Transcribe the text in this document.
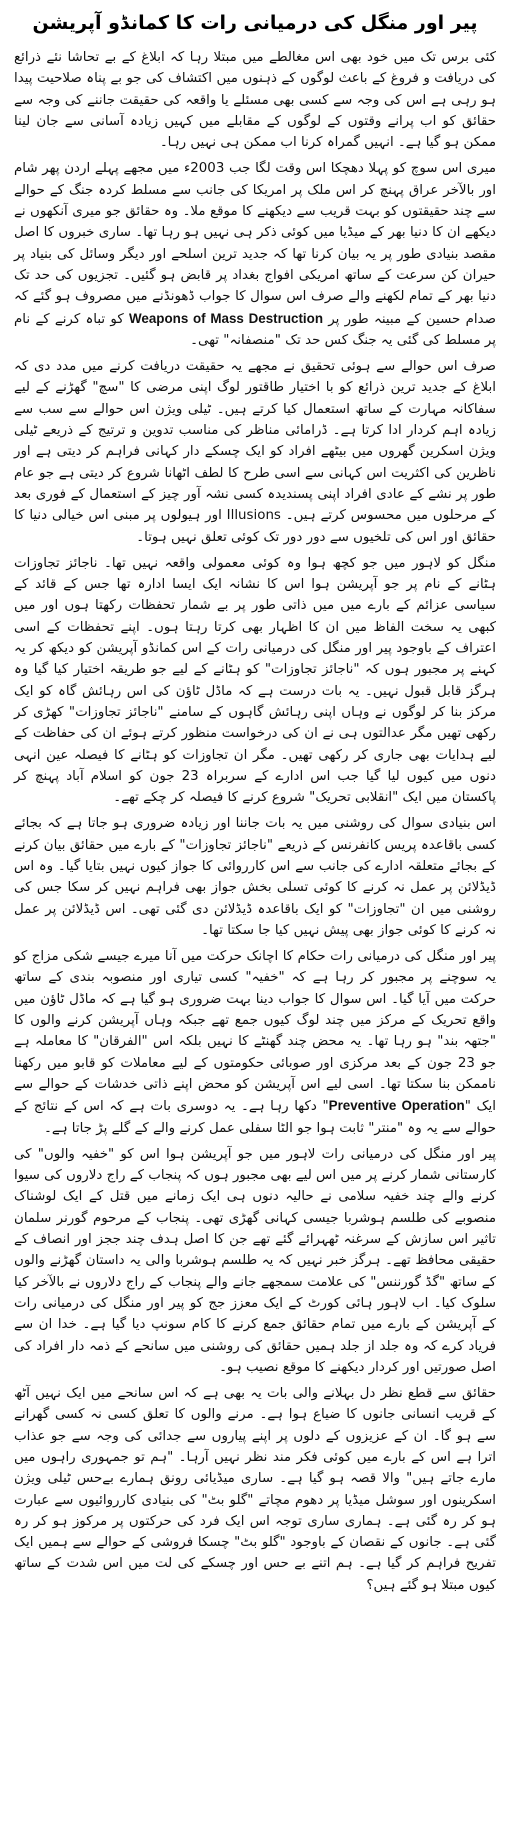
پیر اور منگل کی درمیانی رات کا کمانڈو آپریشن

کئی برس تک میں خود بھی اس مغالطے میں مبتلا رہا کہ ابلاغ کے بے تحاشا نئے ذرائع کی دریافت و فروغ کے باعث لوگوں کے ذہنوں میں اکتشاف کی جو بے پناہ صلاحیت پیدا ہو رہی ہے اس کی وجہ سے کسی بھی مسئلے یا واقعہ کی حقیقت جاننے کی وجہ سے حقائق کو اب پرانے وقتوں کے لوگوں کے مقابلے میں کہیں زیادہ آسانی سے جان لینا ممکن ہو گیا ہے۔ انہیں گمراہ کرنا اب ممکن ہی نہیں رہا۔

میری اس سوچ کو پہلا دھچکا اس وقت لگا جب 2003ء میں مجھے پہلے اردن پھر شام اور بالآخر عراق پہنچ کر اس ملک پر امریکا کی جانب سے مسلط کردہ جنگ کے حوالے سے چند حقیقتوں کو بہت قریب سے دیکھنے کا موقع ملا۔ وہ حقائق جو میری آنکھوں نے دیکھے ان کا دنیا بھر کے میڈیا میں کوئی ذکر ہی نہیں ہو رہا تھا۔ ساری خبروں کا اصل مقصد بنیادی طور پر یہ بیان کرنا تھا کہ جدید ترین اسلحے اور دیگر وسائل کی بنیاد پر حیران کن سرعت کے ساتھ امریکی افواج بغداد پر قابض ہو گئیں۔ تجزیوں کی حد تک دنیا بھر کے تمام لکھنے والے صرف اس سوال کا جواب ڈھونڈنے میں مصروف ہو گئے کہ صدام حسین کے مبینہ طور پر Weapons of Mass Destruction کو تباہ کرنے کے نام پر مسلط کی گئی یہ جنگ کس حد تک "منصفانہ" تھی۔

صرف اس حوالے سے ہوئی تحقیق نے مجھے یہ حقیقت دریافت کرنے میں مدد دی کہ ابلاغ کے جدید ترین ذرائع کو با اختیار طاقتور لوگ اپنی مرضی کا "سچ" گھڑنے کے لیے سفاکانہ مہارت کے ساتھ استعمال کیا کرتے ہیں۔ ٹیلی ویژن اس حوالے سے سب سے زیادہ اہم کردار ادا کرتا ہے۔ ڈرامائی مناظر کی مناسب تدوین و ترتیج کے ذریعے ٹیلی ویژن اسکرین گھروں میں بیٹھے افراد کو ایک چسکے دار کہانی فراہم کر دیتی ہے اور ناظرین کی اکثریت اس کہانی سے اسی طرح کا لطف اٹھانا شروع کر دیتی ہے جو عام طور پر نشے کے عادی افراد اپنی پسندیدہ کسی نشہ آور چیز کے استعمال کے فوری بعد کے مرحلوں میں محسوس کرتے ہیں۔ Illusions اور ہیولوں پر مبنی اس خیالی دنیا کا حقائق اور اس کی تلخیوں سے دور دور تک کوئی تعلق نہیں ہوتا۔

منگل کو لاہور میں جو کچھ ہوا وہ کوئی معمولی واقعہ نہیں تھا۔ ناجائز تجاوزات ہٹانے کے نام پر جو آپریشن ہوا اس کا نشانہ ایک ایسا ادارہ تھا جس کے قائد کے سیاسی عزائم کے بارے میں میں ذاتی طور پر بے شمار تحفظات رکھتا ہوں اور میں کبھی یہ سخت الفاظ میں ان کا اظہار بھی کرتا رہتا ہوں۔ اپنے تحفظات کے اسی اعتراف کے باوجود پیر اور منگل کی درمیانی رات کے اس کمانڈو آپریشن کو دیکھ کر یہ کہنے پر مجبور ہوں کہ "ناجائز تجاوزات" کو ہٹانے کے لیے جو طریقہ اختیار کیا گیا وہ ہرگز قابل قبول نہیں۔ یہ بات درست ہے کہ ماڈل ٹاؤن کی اس رہائش گاہ کو ایک مرکز بنا کر لوگوں نے وہاں اپنی رہائش گاہوں کے سامنے "ناجائز تجاوزات" کھڑی کر رکھی تھیں مگر عدالتوں ہی نے ان کی درخواست منظور کرتے ہوئے ان کی حفاظت کے لیے ہدایات بھی جاری کر رکھی تھیں۔ مگر ان تجاوزات کو ہٹانے کا فیصلہ عین انہی دنوں میں کیوں لیا گیا جب اس ادارے کے سربراہ 23 جون کو اسلام آباد پہنچ کر پاکستان میں ایک "انقلابی تحریک" شروع کرنے کا فیصلہ کر چکے تھے۔

اس بنیادی سوال کی روشنی میں یہ بات جاننا اور زیادہ ضروری ہو جاتا ہے کہ بجائے کسی باقاعدہ پریس کانفرنس کے ذریعے "ناجائز تجاوزات" کے بارے میں حقائق بیان کرنے کے بجائے متعلقہ ادارے کی جانب سے اس کارروائی کا جواز کیوں نہیں بتایا گیا۔ وہ اس ڈیڈلائن پر عمل نہ کرنے کا کوئی تسلی بخش جواز بھی فراہم نہیں کر سکا جس کی روشنی میں ان "تجاوزات" کو ایک باقاعدہ ڈیڈلائن دی گئی تھی۔ اس ڈیڈلائن پر عمل نہ کرنے کا کوئی جواز بھی پیش نہیں کیا جا سکتا تھا۔

پیر اور منگل کی درمیانی رات حکام کا اچانک حرکت میں آنا میرے جیسے شکی مزاج کو یہ سوچنے پر مجبور کر رہا ہے کہ "خفیہ" کسی تیاری اور منصوبہ بندی کے ساتھ حرکت میں آیا گیا۔ اس سوال کا جواب دینا بہت ضروری ہو گیا ہے کہ ماڈل ٹاؤن میں واقع تحریک کے مرکز میں چند لوگ کیوں جمع تھے جبکہ وہاں آپریشن کرنے والوں کا "جتھہ بند" ہو رہا تھا۔ یہ محض چند گھنٹے کا نہیں بلکہ اس "الفرقان" کا معاملہ ہے جو 23 جون کے بعد مرکزی اور صوبائی حکومتوں کے لیے معاملات کو قابو میں رکھنا ناممکن بنا سکتا تھا۔ اسی لیے اس آپریشن کو محض اپنے ذاتی خدشات کے حوالے سے ایک "Preventive Operation" دکھا رہا ہے۔ یہ دوسری بات ہے کہ اس کے نتائج کے حوالے سے یہ وہ "منتر" ثابت ہوا جو الٹا سفلی عمل کرنے والے کے گلے پڑ جاتا ہے۔

پیر اور منگل کی درمیانی رات لاہور میں جو آپریشن ہوا اس کو "خفیہ والوں" کی کارستانی شمار کرنے پر میں اس لیے بھی مجبور ہوں کہ پنجاب کے راج دلاروں کی سیوا کرنے والے چند خفیہ سلامی نے حالیہ دنوں ہی ایک زمانے میں قتل کے ایک لوشناک منصوبے کی طلسم ہوشربا جیسی کہانی گھڑی تھی۔ پنجاب کے مرحوم گورنر سلمان تاثیر اس سازش کے سرغنہ ٹھہرائے گئے تھے جن کا اصل ہدف چند ججز اور انصاف کے حقیقی محافظ تھے۔ ہرگز خبر نہیں کہ یہ طلسم ہوشربا والی یہ داستان گھڑنے والوں کے ساتھ "گڈ گورننس" کی علامت سمجھے جانے والے پنجاب کے راج دلاروں نے بالآخر کیا سلوک کیا۔ اب لاہور ہائی کورٹ کے ایک معزز جج کو پیر اور منگل کی درمیانی رات کے آپریشن کے بارے میں تمام حقائق جمع کرنے کا کام سونپ دیا گیا ہے۔ خدا ان سے فریاد کرے کہ وہ جلد از جلد ہمیں حقائق کی روشنی میں سانحے کے ذمہ دار افراد کی اصل صورتیں اور کردار دیکھنے کا موقع نصیب ہو۔

حقائق سے قطع نظر دل بہلانے والی بات یہ بھی ہے کہ اس سانحے میں ایک نہیں آٹھ کے قریب انسانی جانوں کا ضیاع ہوا ہے۔ مرنے والوں کا تعلق کسی نہ کسی گھرانے سے ہو گا۔ ان کے عزیزوں کے دلوں پر اپنے پیاروں سے جدائی کی وجہ سے جو عذاب اترا ہے اس کے بارے میں کوئی فکر مند نظر نہیں آرہا۔ "ہم تو جمہوری راہوں میں مارے جاتے ہیں" والا قصہ ہو گیا ہے۔ ساری میڈیائی رونق ہمارے بےحس ٹیلی ویژن اسکرینوں اور سوشل میڈیا پر دھوم مچاتے "گلو بٹ" کی بنیادی کارروائیوں سے عبارت ہو کر رہ گئی ہے۔ ہماری ساری توجہ اس ایک فرد کی حرکتوں پر مرکوز ہو کر رہ گئی ہے۔ جانوں کے نقصان کے باوجود "گلو بٹ" چسکا فروشی کے حوالے سے ہمیں ایک تفریح فراہم کر گیا ہے۔ ہم اتنے بے حس اور چسکے کی لت میں اس شدت کے ساتھ کیوں مبتلا ہو گئے ہیں؟
